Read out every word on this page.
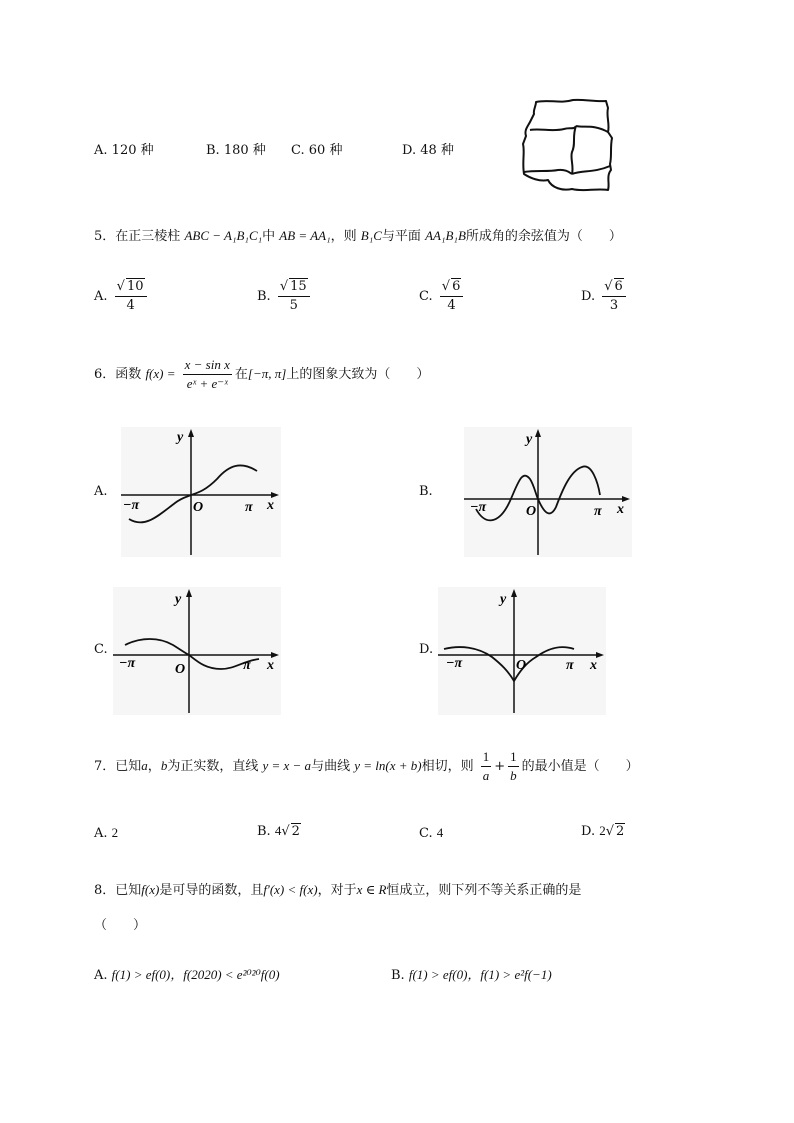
A. 120 种	B. 180 种 C. 60 种	D. 48 种
5．在正三棱柱 ABC − A₁B₁C₁中 AB = AA₁，则 B₁C与平面 AA₁B₁B所成角的余弦值为（　　）
A. $\frac{√ 10}{4}$	B. $\frac{√ 15}{5}$	C. $\frac{√ 6}{4}$	D. $\frac{√ 6}{3}$
6．函数 $f(x) = \frac{\text{x − sin x}}{\text{eˣ + e⁻ˣ}}$ 在[−π, π]上的图象大致为（　　）
A.
y
x
O
−π	π
B.
y
x
O
−π	π
C.
y
x
O
−π	π
D.
y
x
O
−π	π
7．已知a，b为正实数，直线 y = x − a与曲线 y = ln(x + b)相切，则 $\frac{1}{a} + \frac{1}{b}$ 的最小值是（　　）
A. 2	B. 4√ 2	C. 4	D. 2√ 2
8．已知f(x)是可导的函数，且f′(x) < f(x)，对于x ∈ R恒成立，则下列不等关系正确的是
（　　）
A. f(1) > ef(0)，f(2020) < e²⁰²⁰f(0)	B. f(1) > ef(0)，f(1) > e²f(−1)
